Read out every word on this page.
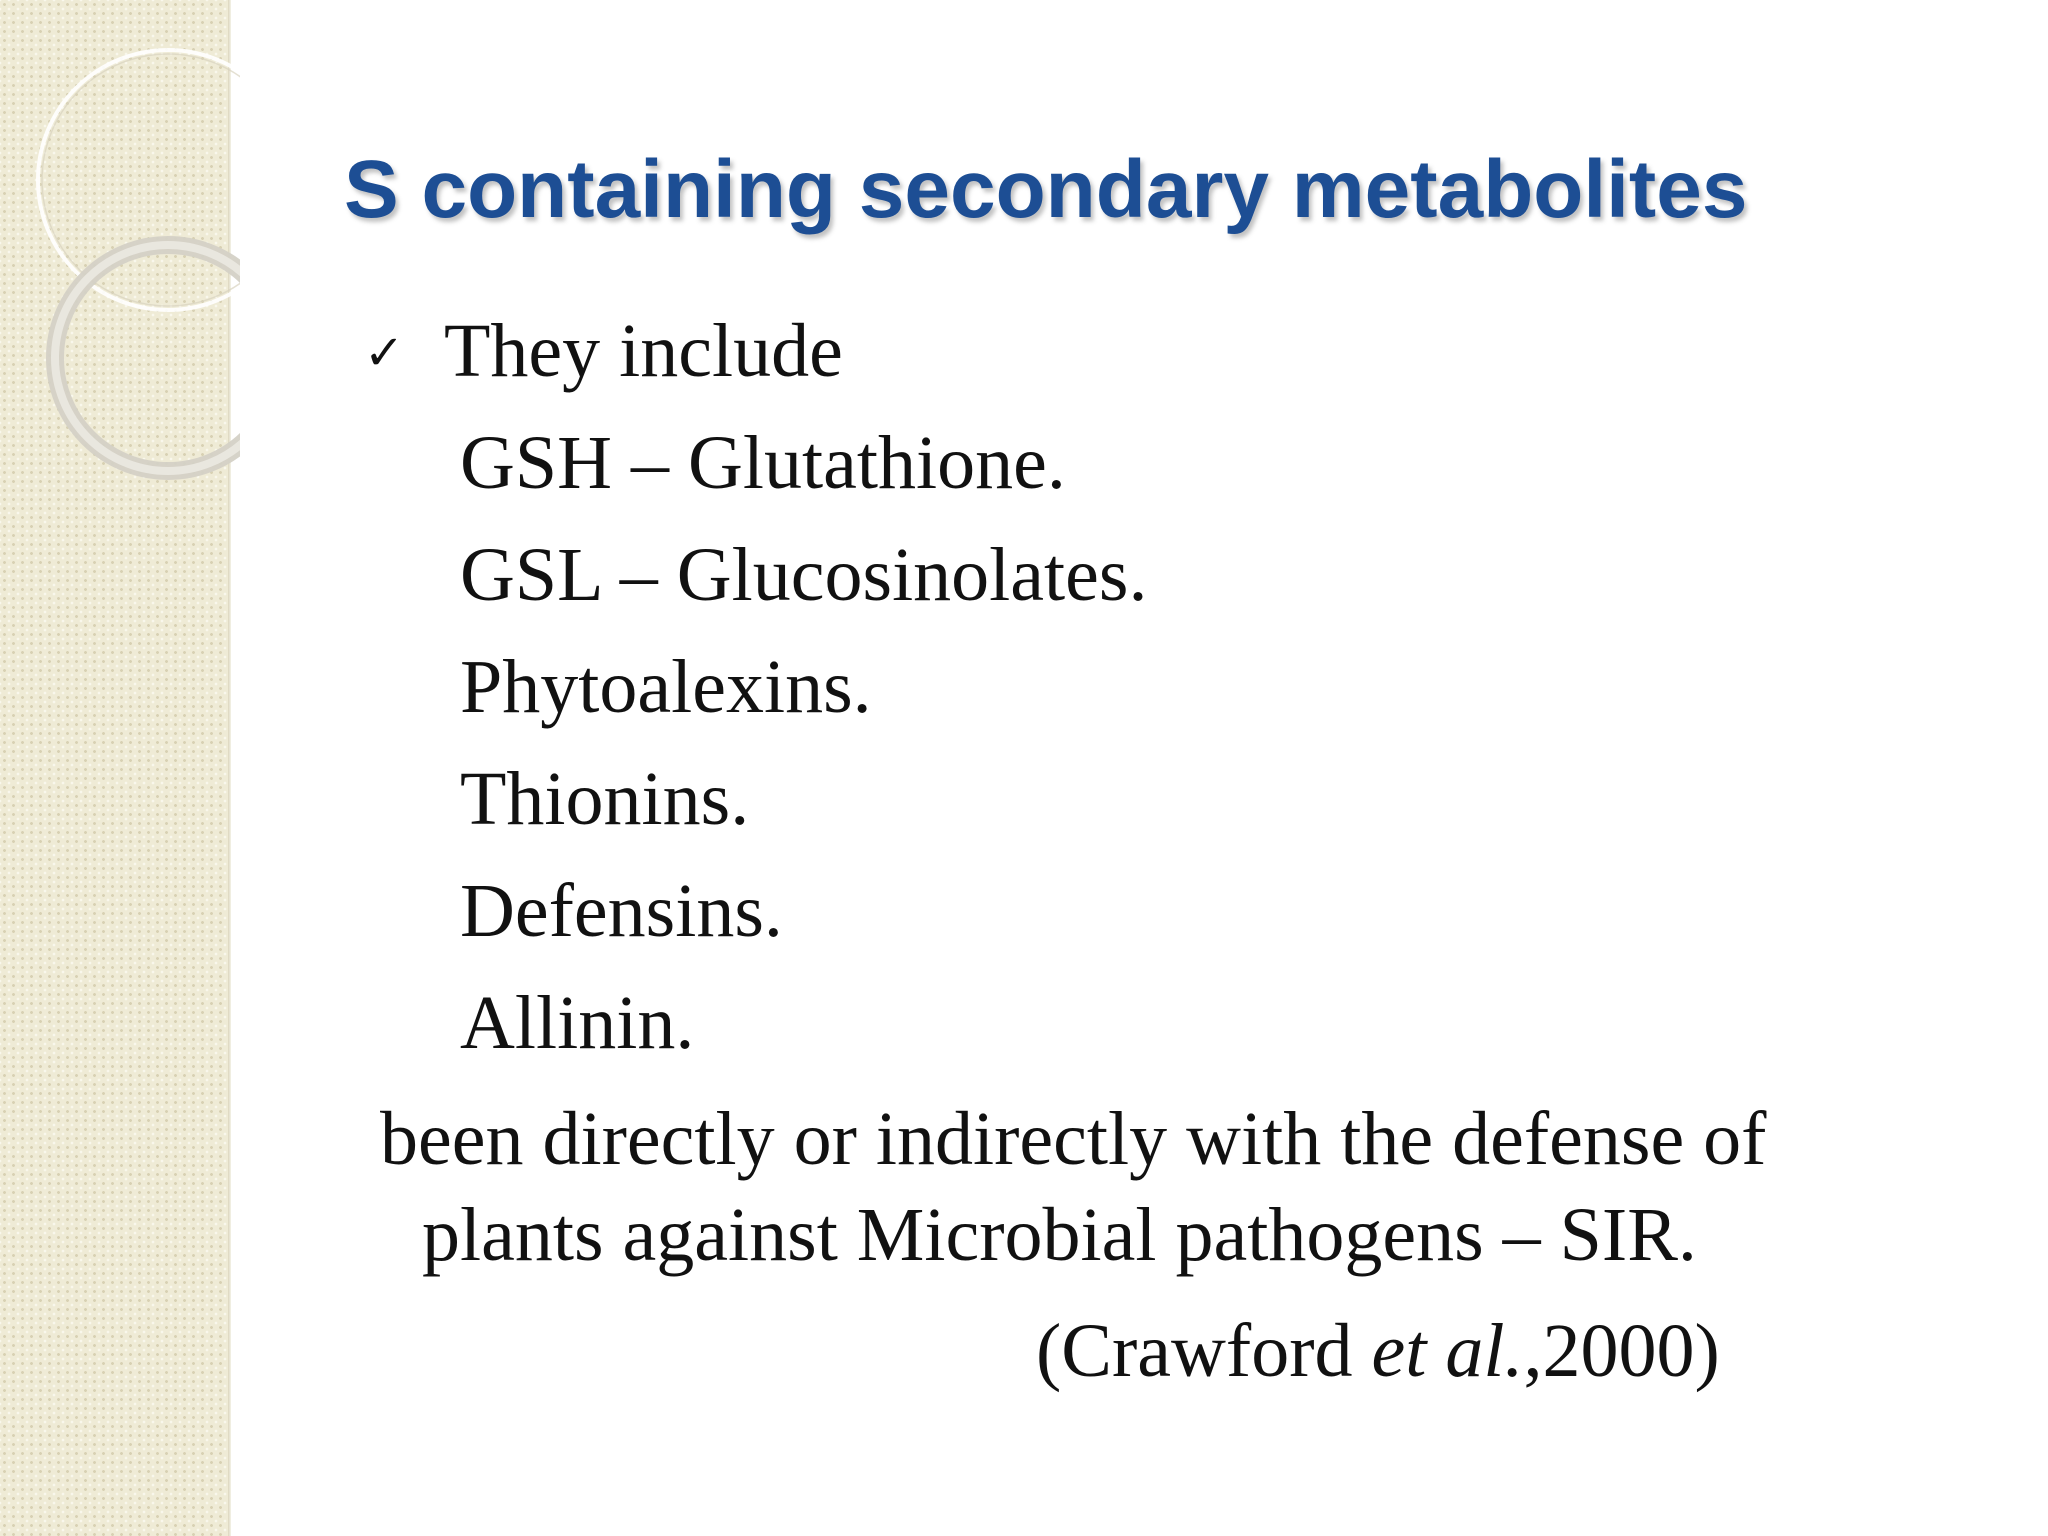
S containing secondary metabolites
✓ They include

GSH – Glutathione.

GSL – Glucosinolates.

Phytoalexins.

Thionins.

Defensins.

Allinin.

been directly or indirectly with the defense of

plants against Microbial pathogens – SIR.

(Crawford et al.,2000)
